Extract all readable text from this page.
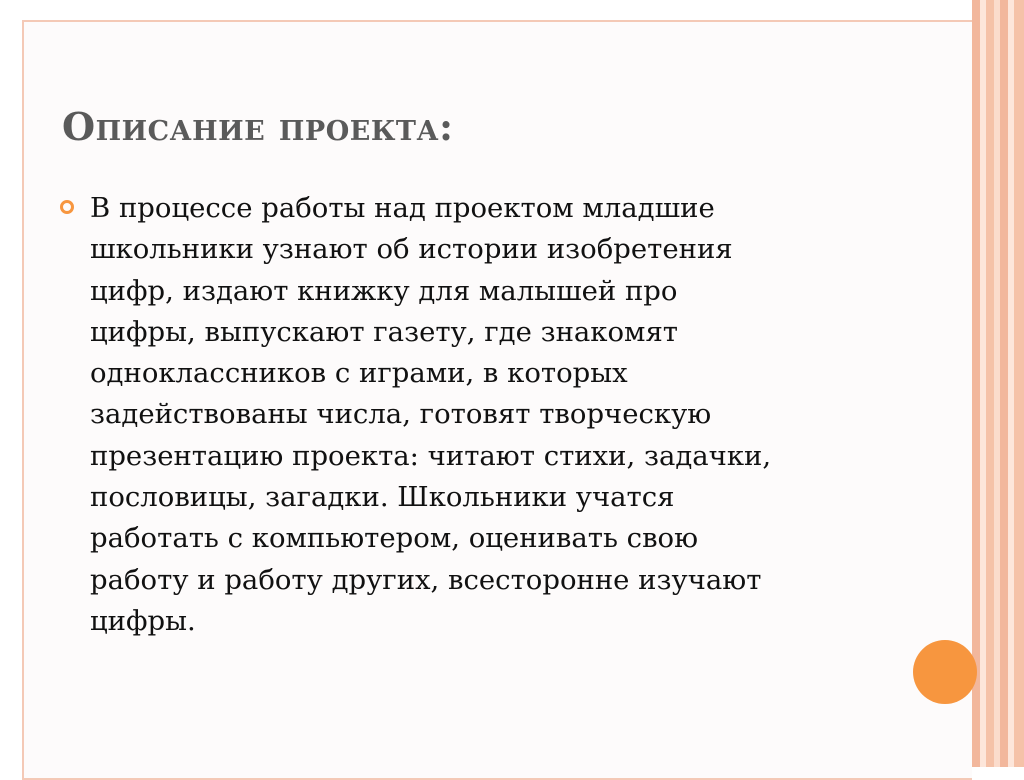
Описание проекта:

В процессе работы над проектом младшие
школьники узнают об истории изобретения
цифр, издают книжку для малышей про
цифры, выпускают газету, где знакомят
одноклассников с играми, в которых
задействованы числа, готовят творческую
презентацию проекта: читают стихи, задачки,
пословицы, загадки. Школьники учатся
работать с компьютером, оценивать свою
работу и работу других, всесторонне изучают
цифры.
